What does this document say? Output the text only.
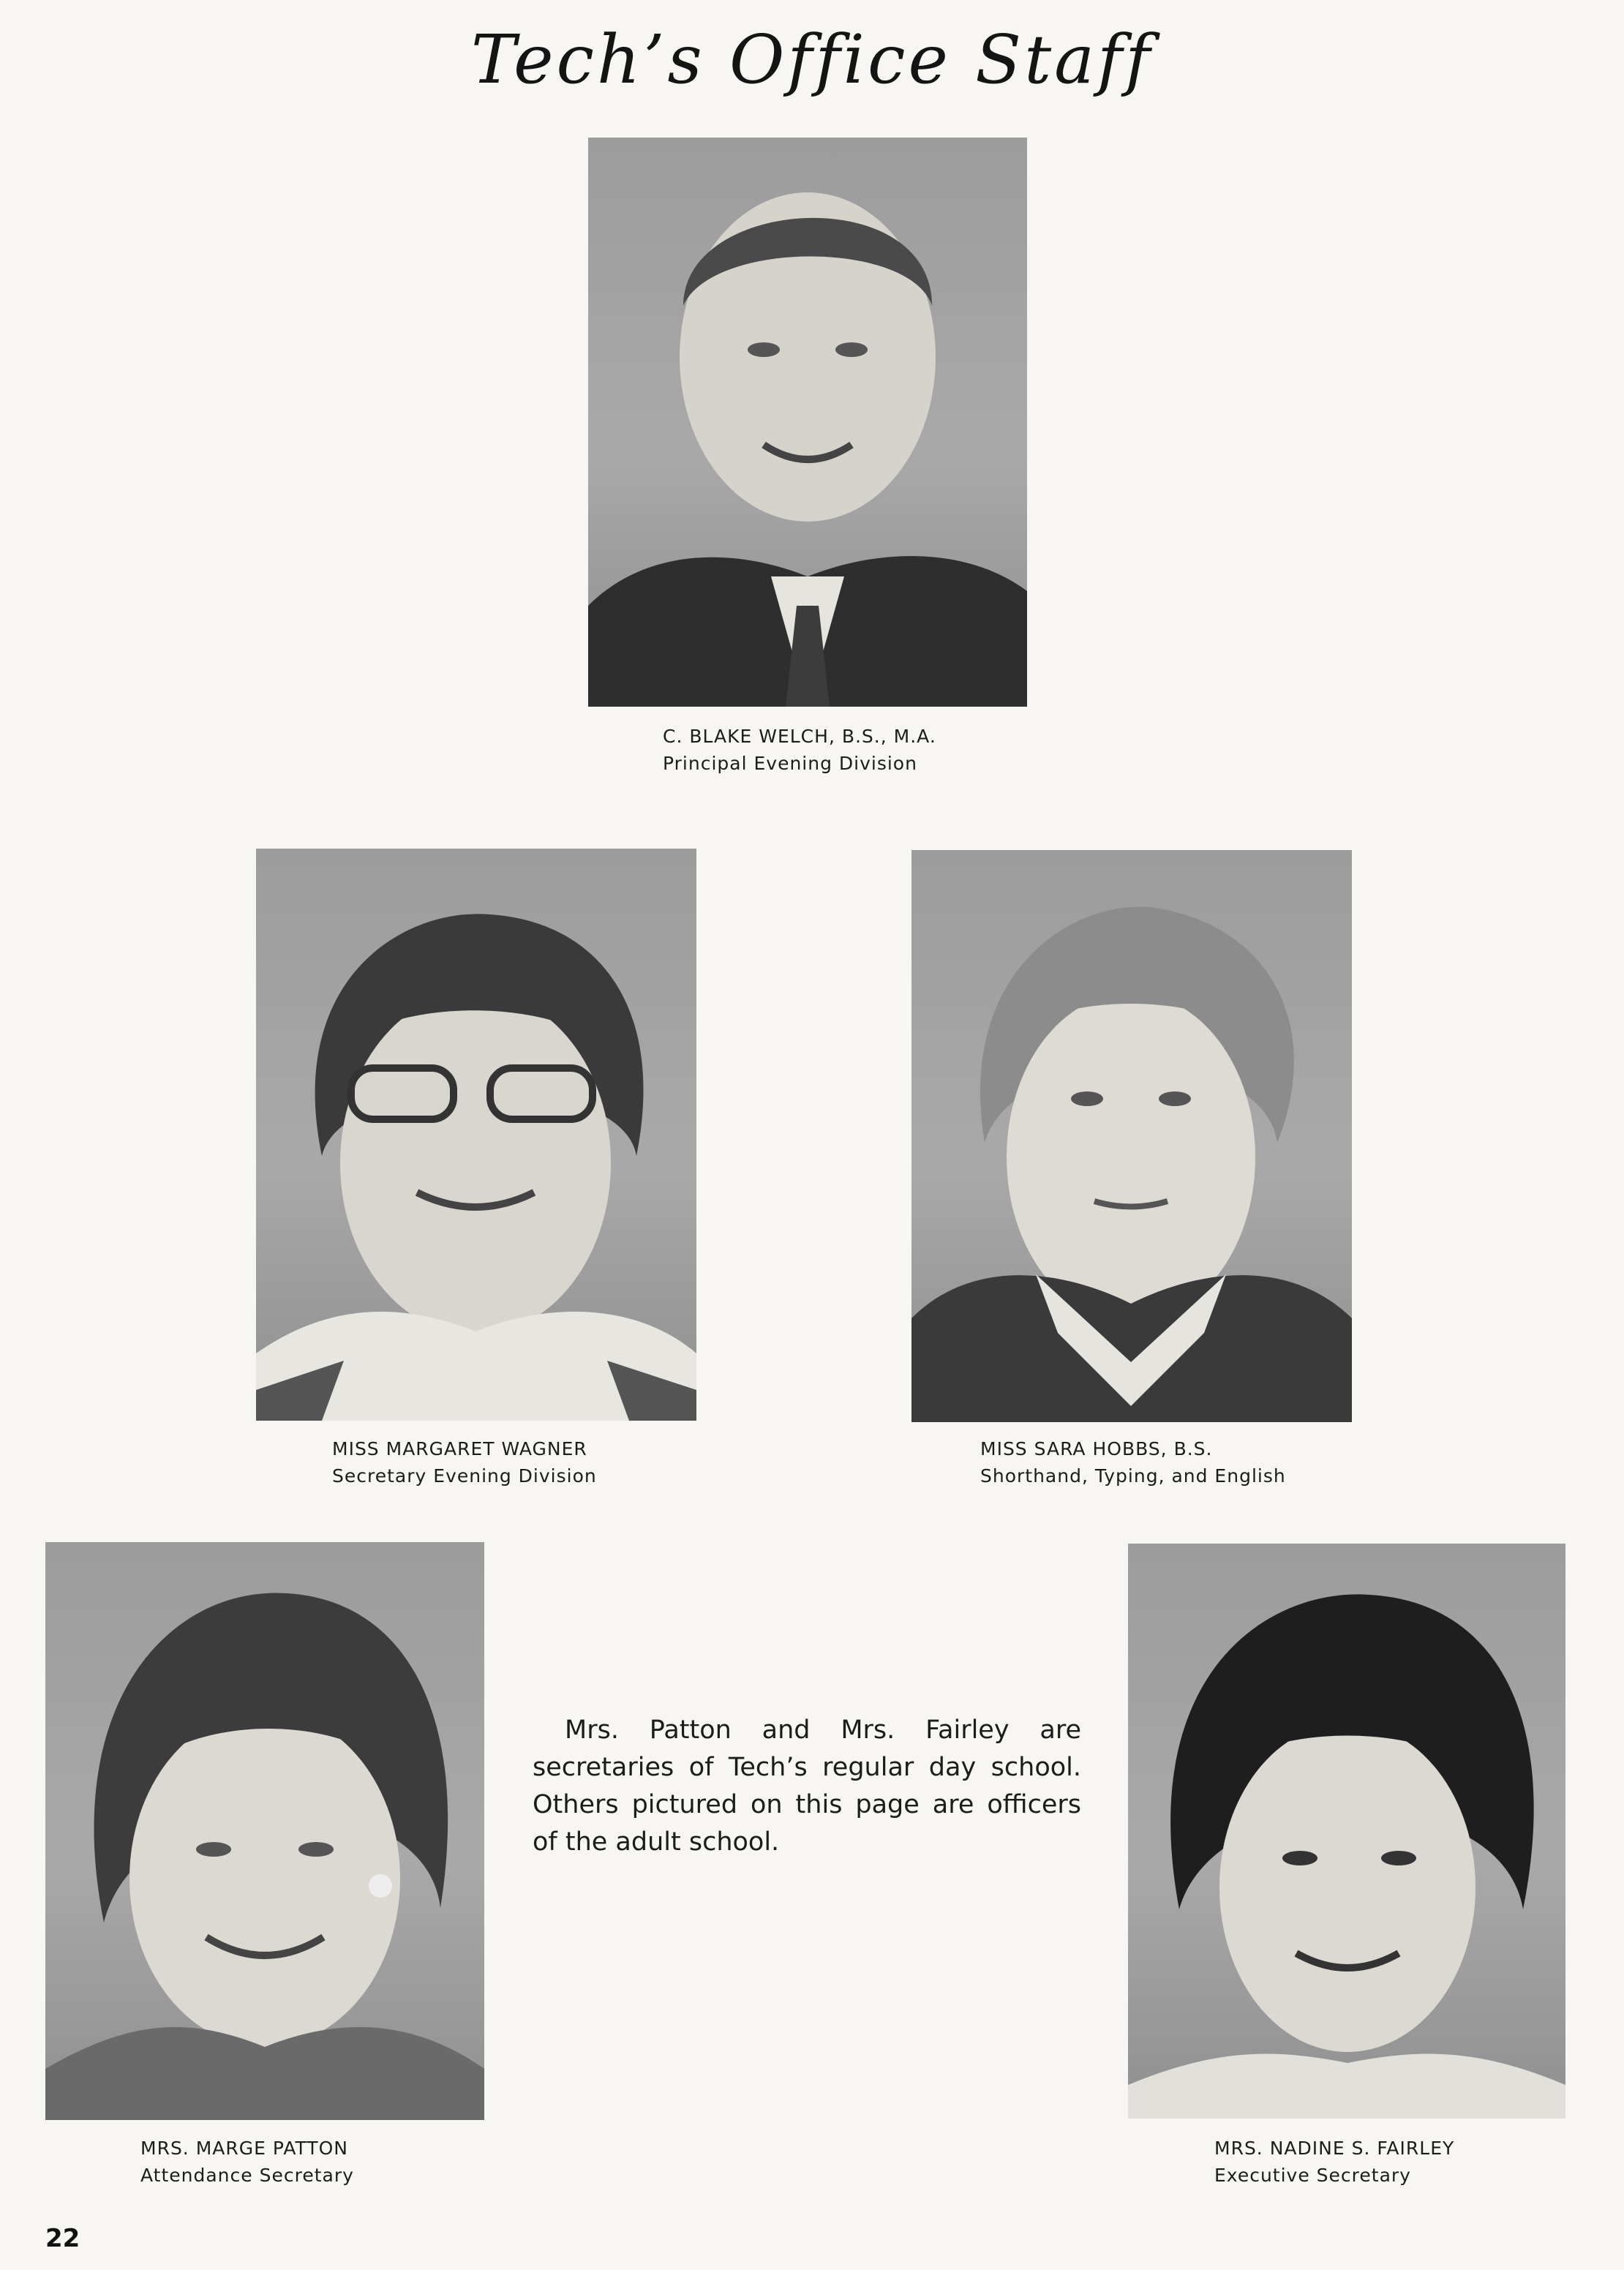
Tech’s Office Staff
C. BLAKE WELCH, B.S., M.A.
Principal Evening Division
MISS MARGARET WAGNER
Secretary Evening Division
MISS SARA HOBBS, B.S.
Shorthand, Typing, and English
MRS. MARGE PATTON
Attendance Secretary
Mrs. Patton and Mrs. Fairley are secretaries of Tech’s regular day school. Others pictured on this page are officers of the adult school.
MRS. NADINE S. FAIRLEY
Executive Secretary
22
